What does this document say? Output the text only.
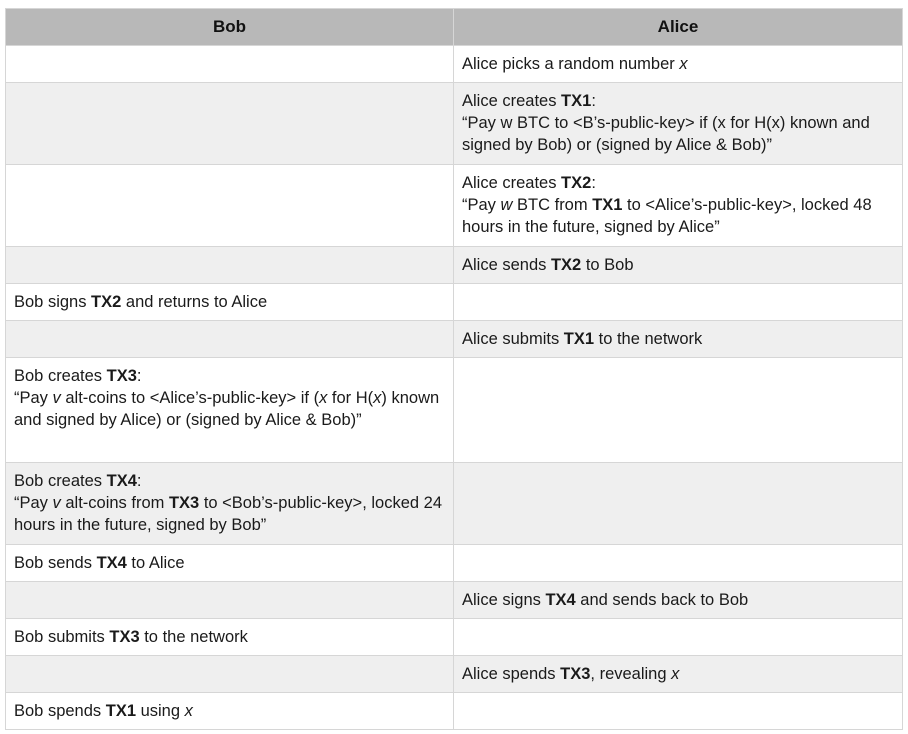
Bob	Alice
	Alice picks a random number x
	Alice creates TX1:
“Pay w BTC to <B’s-public-key> if (x for H(x) known and signed by Bob) or (signed by Alice & Bob)”
	Alice creates TX2:
“Pay w BTC from TX1 to <Alice’s-public-key>, locked 48 hours in the future, signed by Alice”
	Alice sends TX2 to Bob
Bob signs TX2 and returns to Alice	
	Alice submits TX1 to the network
Bob creates TX3:
“Pay v alt-coins to <Alice’s-public-key> if (x for H(x) known and signed by Alice) or (signed by Alice & Bob)”	
Bob creates TX4:
“Pay v alt-coins from TX3 to <Bob’s-public-key>, locked 24 hours in the future, signed by Bob”	
Bob sends TX4 to Alice	
	Alice signs TX4 and sends back to Bob
Bob submits TX3 to the network	
	Alice spends TX3, revealing x
Bob spends TX1 using x	
